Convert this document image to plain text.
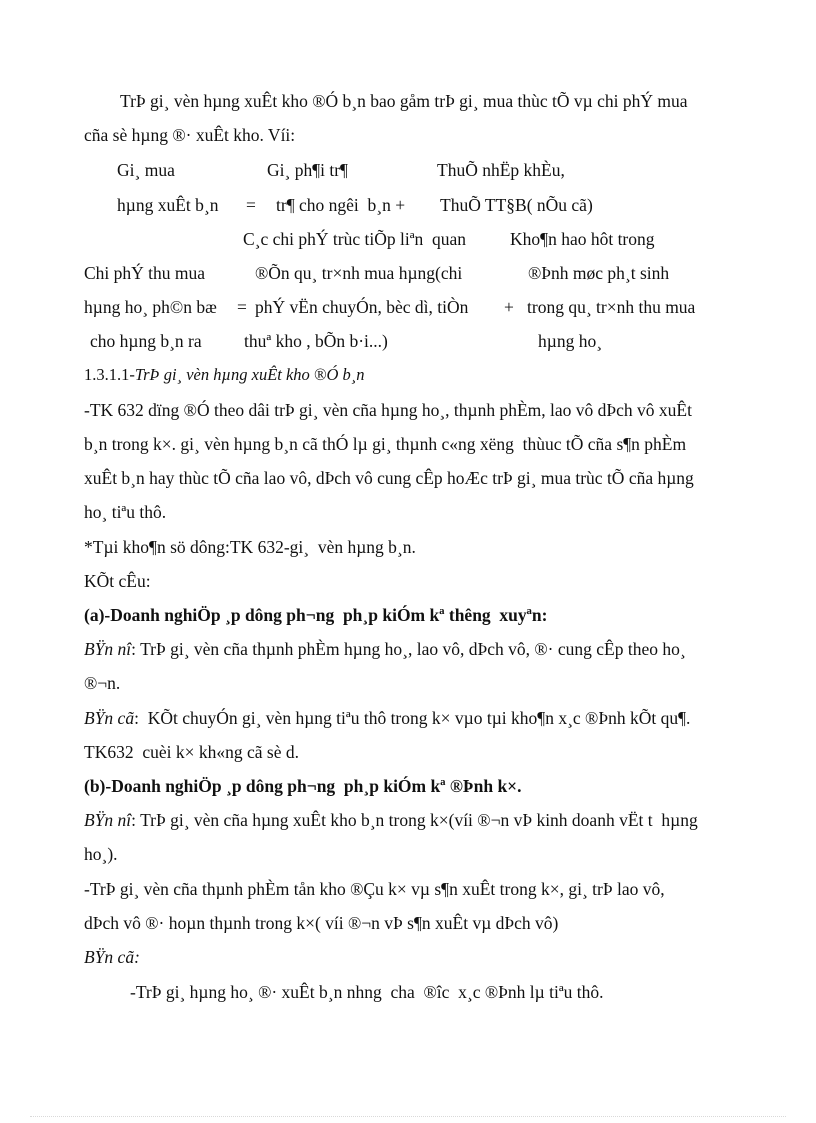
TrÞ gi¸ vèn hµng xuÊt kho ®Ó b¸n bao gåm trÞ gi¸ mua thùc tÕ vµ chi phÝ mua
cña sè hµng ®· xuÊt kho. Víi:
Gi¸ mua	Gi¸ ph¶i tr¶	ThuÕ nhËp khÈu,
hµng xuÊt b¸n = tr¶ cho ngêi  b¸n + ThuÕ TT§B( nÕu cã)
C¸c chi phÝ trùc tiÕp liªn  quan	Kho¶n hao hôt trong
Chi phÝ thu mua	®Õn qu¸ tr×nh mua hµng(chi	®Þnh møc ph¸t sinh
hµng ho¸ ph©n bæ = phÝ vËn chuyÓn, bèc dì, tiÒn + trong qu¸ tr×nh thu mua
cho hµng b¸n ra thuª kho , bÕn b·i...)	hµng ho¸
1.3.1.1-TrÞ gi¸ vèn hµng xuÊt kho ®Ó b¸n
-TK 632 dïng ®Ó theo dâi trÞ gi¸ vèn cña hµng ho¸, thµnh phÈm, lao vô dÞch vô xuÊt
b¸n trong k×. gi¸ vèn hµng b¸n cã thÓ lµ gi¸ thµnh c«ng xëng  thùuc tÕ cña s¶n phÈm
xuÊt b¸n hay thùc tÕ cña lao vô, dÞch vô cung cÊp hoÆc trÞ gi¸ mua trùc tÕ cña hµng
ho¸ tiªu thô.
*Tµi kho¶n sö dông:TK 632-gi¸  vèn hµng b¸n.
KÕt cÊu:
(a)-Doanh nghiÖp ¸p dông ph¬ng  ph¸p kiÓm kª thêng  xuyªn:
BŸn nî: TrÞ gi¸ vèn cña thµnh phÈm hµng ho¸, lao vô, dÞch vô, ®· cung cÊp theo ho¸
®¬n.
BŸn cã:  KÕt chuyÓn gi¸ vèn hµng tiªu thô trong k× vµo tµi kho¶n x¸c ®Þnh kÕt qu¶.
TK632  cuèi k× kh«ng cã sè d.
(b)-Doanh nghiÖp ¸p dông ph¬ng  ph¸p kiÓm kª ®Þnh k×.
BŸn nî: TrÞ gi¸ vèn cña hµng xuÊt kho b¸n trong k×(víi ®¬n vÞ kinh doanh vËt t  hµng
ho¸).
-TrÞ gi¸ vèn cña thµnh phÈm tån kho ®Çu k× vµ s¶n xuÊt trong k×, gi¸ trÞ lao vô,
dÞch vô ®· hoµn thµnh trong k×( víi ®¬n vÞ s¶n xuÊt vµ dÞch vô)
BŸn cã:
-TrÞ gi¸ hµng ho¸ ®· xuÊt b¸n nhng  cha  ®îc  x¸c ®Þnh lµ tiªu thô.
